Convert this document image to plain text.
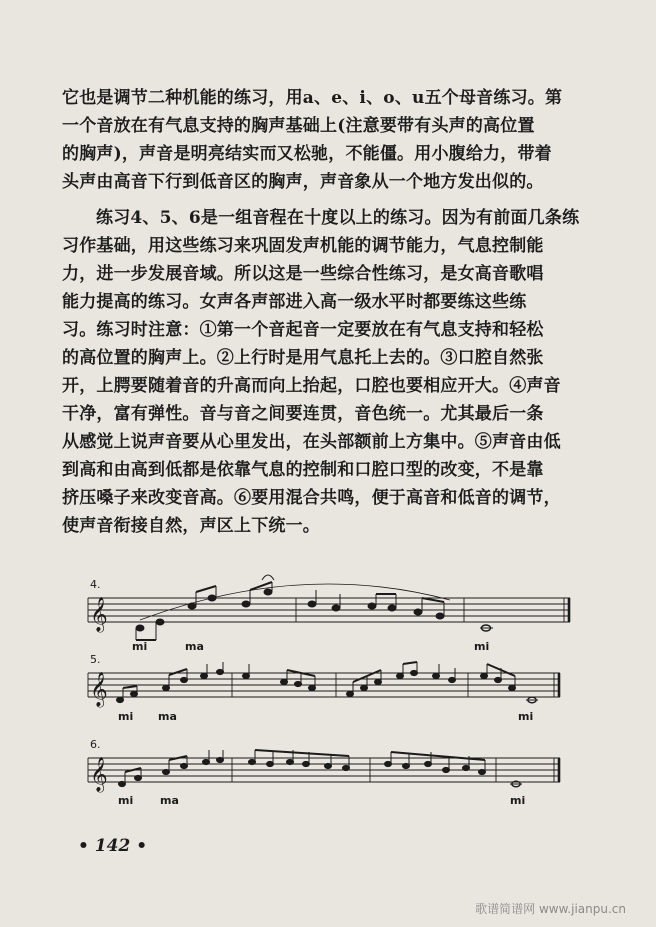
它也是调节二种机能的练习，用a、e、i、o、u五个母音练习。第
一个音放在有气息支持的胸声基础上(注意要带有头声的高位置
的胸声)，声音是明亮结实而又松驰，不能僵。用小腹给力，带着
头声由高音下行到低音区的胸声，声音象从一个地方发出似的。
练习4、5、6是一组音程在十度以上的练习。因为有前面几条练
习作基础，用这些练习来巩固发声机能的调节能力，气息控制能
力，进一步发展音域。所以这是一些综合性练习，是女高音歌唱
能力提高的练习。女声各声部进入高一级水平时都要练这些练
习。练习时注意：①第一个音起音一定要放在有气息支持和轻松
的高位置的胸声上。②上行时是用气息托上去的。③口腔自然张
开，上腭要随着音的升高而向上抬起，口腔也要相应开大。④声音
干净，富有弹性。音与音之间要连贯，音色统一。尤其最后一条
从感觉上说声音要从心里发出，在头部额前上方集中。⑤声音由低
到高和由高到低都是依靠气息的控制和口腔口型的改变，不是靠
挤压嗓子来改变音高。⑥要用混合共鸣，便于高音和低音的调节，
使声音衔接自然，声区上下统一。
4.
𝄞
mi	ma	mi
5.
𝄞
mi ma	mi
6.
𝄞
mi ma	mi
• 142 •
歌谱简谱网 www.jianpu.cn
